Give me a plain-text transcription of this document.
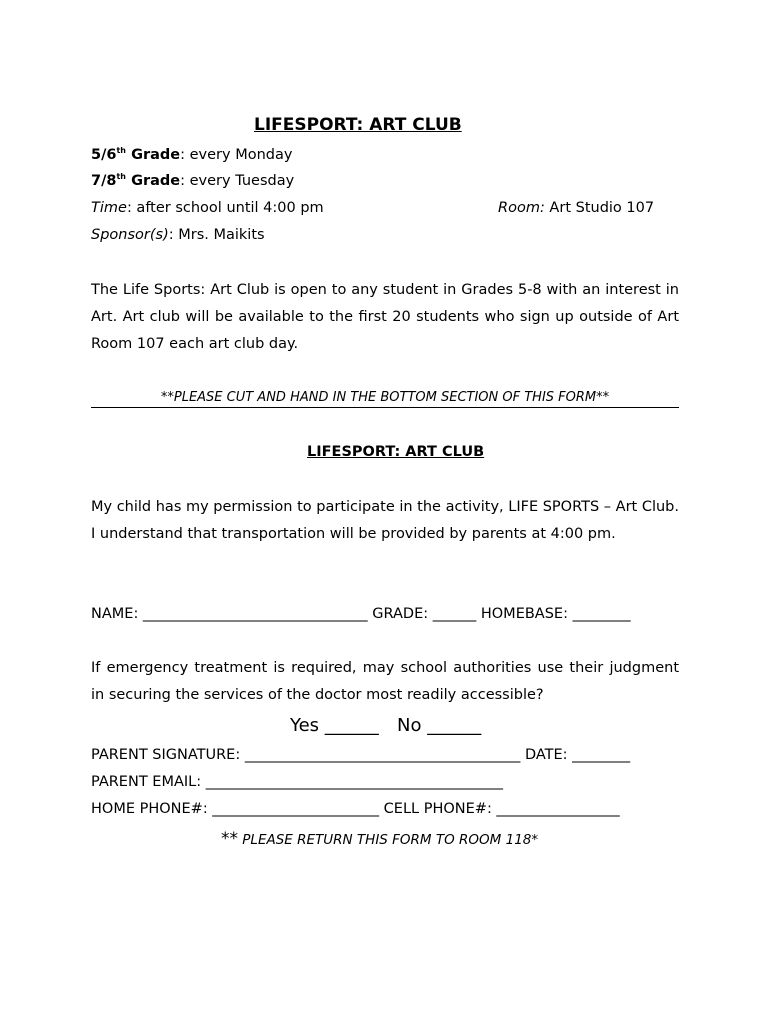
LIFESPORT: ART CLUB
5/6th Grade: every Monday
7/8th Grade: every Tuesday
Time: after school until 4:00 pm	Room: Art Studio 107
Sponsor(s): Mrs. Maikits
The Life Sports: Art Club is open to any student in Grades 5-8 with an interest in Art. Art club will be available to the first 20 students who sign up outside of Art Room 107 each art club day.
**PLEASE CUT AND HAND IN THE BOTTOM SECTION OF THIS FORM**
LIFESPORT: ART CLUB
My child has my permission to participate in the activity, LIFE SPORTS – Art Club. I understand that transportation will be provided by parents at 4:00 pm.
NAME: _______________________________ GRADE: ______ HOMEBASE: ________
If emergency treatment is required, may school authorities use their judgment in securing the services of the doctor most readily accessible?
Yes ______ No ______
PARENT SIGNATURE: ______________________________________ DATE: ________
PARENT EMAIL: _________________________________________
HOME PHONE#: _______________________ CELL PHONE#: _________________
** PLEASE RETURN THIS FORM TO ROOM 118*
